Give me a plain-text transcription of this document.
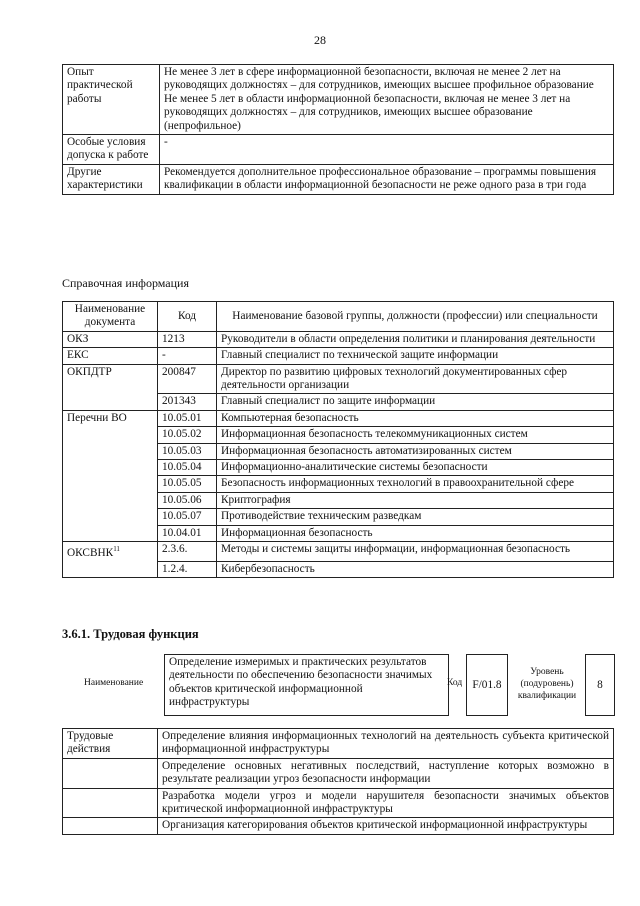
28
Опыт практической работы	Не менее 3 лет в сфере информационной безопасности, включая не менее 2 лет на руководящих должностях – для сотрудников, имеющих высшее профильное образование
Не менее 5 лет в области информационной безопасности, включая не менее 3 лет на руководящих должностях – для сотрудников, имеющих высшее образование (непрофильное)

Особые условия допуска к работе	-
Другие характеристики	Рекомендуется дополнительное профессиональное образование – программы повышения квалификации в области информационной безопасности не реже одного раза в три года
Справочная информация
Наименование документа	Код	Наименование базовой группы, должности (профессии) или специальности
ОКЗ	1213	Руководители в области определения политики и планирования деятельности
ЕКС	-	Главный специалист по технической защите информации
ОКПДТР	200847	Директор по развитию цифровых технологий документированных сфер деятельности организации
	201343	Главный специалист по защите информации
Перечни ВО	10.05.01	Компьютерная безопасность
	10.05.02	Информационная безопасность телекоммуникационных систем
	10.05.03	Информационная безопасность автоматизированных систем
	10.05.04	Информационно-аналитические системы безопасности
	10.05.05	Безопасность информационных технологий в правоохранительной сфере
	10.05.06	Криптография
	10.05.07	Противодействие техническим разведкам
	10.04.01	Информационная безопасность
ОКСВНК$^{11}$	2.3.6.	Методы и системы защиты информации, информационная безопасность
	1.2.4.	Кибербезопасность
3.6.1. Трудовая функция
Наименование
Определение измеримых и практических результатов деятельности по обеспечению безопасности значимых объектов критической информационной инфраструктуры
Код F/01.8
Уровень (подуровень) квалификации
8
Трудовые действия	Определение влияния информационных технологий на деятельность субъекта критической информационной инфраструктуры
	Определение основных негативных последствий, наступление которых возможно в результате реализации угроз безопасности информации
	Разработка модели угроз и модели нарушителя безопасности значимых объектов критической информационной инфраструктуры
	Организация категорирования объектов критической информационной инфраструктуры
